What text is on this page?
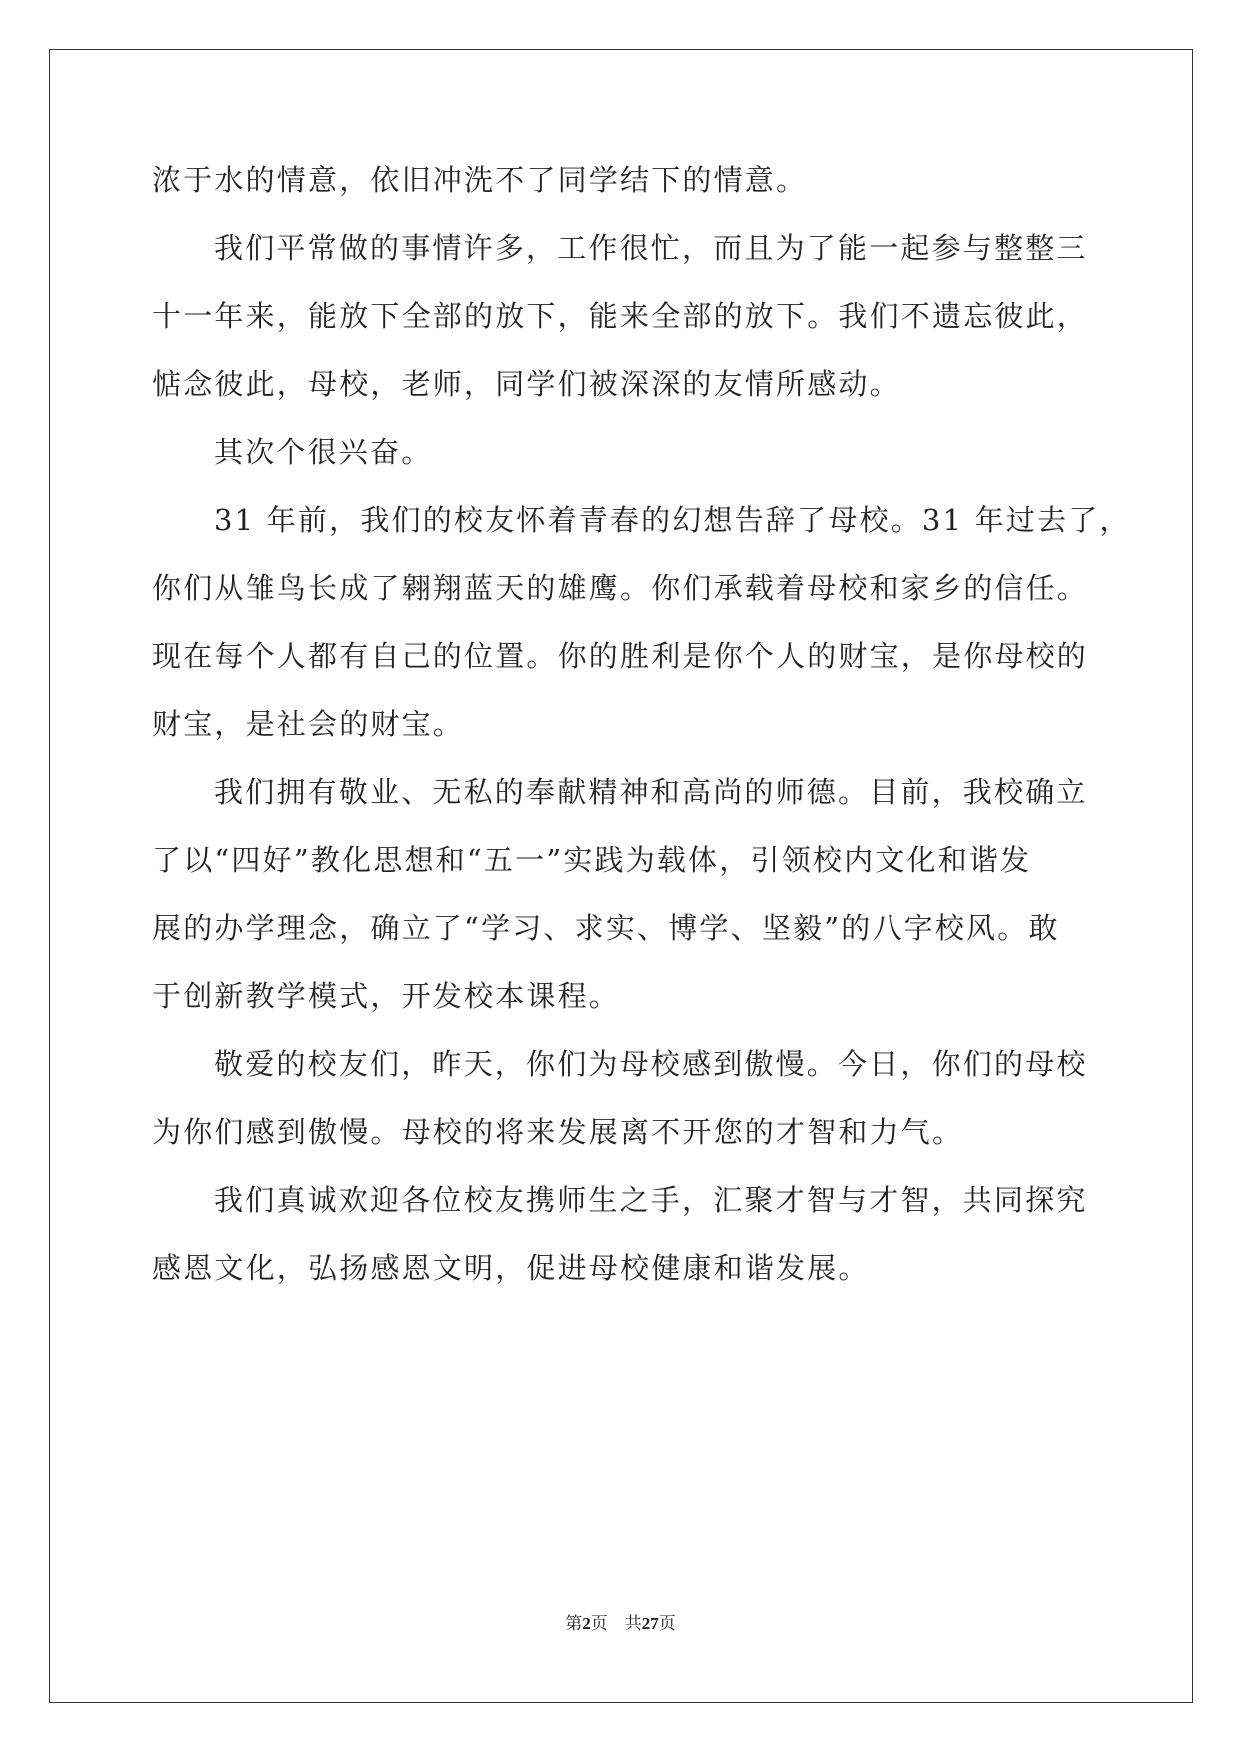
浓于水的情意，依旧冲洗不了同学结下的情意。
我们平常做的事情许多，工作很忙，而且为了能一起参与整整三
十一年来，能放下全部的放下，能来全部的放下。我们不遗忘彼此，
惦念彼此，母校，老师，同学们被深深的友情所感动。
其次个很兴奋。
31 年前，我们的校友怀着青春的幻想告辞了母校。31 年过去了，
你们从雏鸟长成了翱翔蓝天的雄鹰。你们承载着母校和家乡的信任。
现在每个人都有自己的位置。你的胜利是你个人的财宝，是你母校的
财宝，是社会的财宝。
我们拥有敬业、无私的奉献精神和高尚的师德。目前，我校确立
了以“四好”教化思想和“五一”实践为载体，引领校内文化和谐发
展的办学理念，确立了“学习、求实、博学、坚毅”的八字校风。敢
于创新教学模式，开发校本课程。
敬爱的校友们，昨天，你们为母校感到傲慢。今日，你们的母校
为你们感到傲慢。母校的将来发展离不开您的才智和力气。
我们真诚欢迎各位校友携师生之手，汇聚才智与才智，共同探究
感恩文化，弘扬感恩文明，促进母校健康和谐发展。
第2页 共27页
